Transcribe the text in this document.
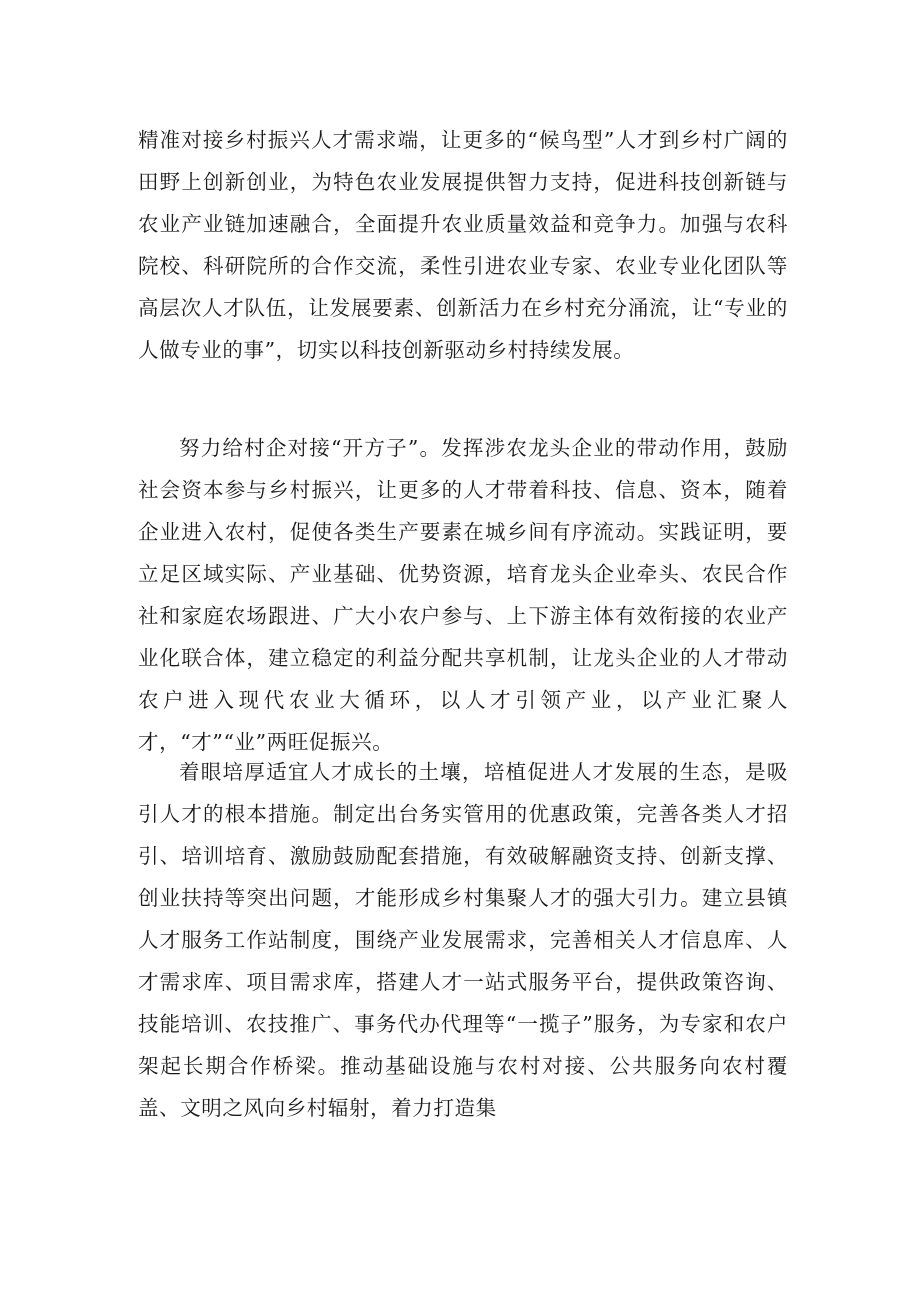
精准对接乡村振兴人才需求端，让更多的“候鸟型”人才到乡村广阔的田野上创新创业，为特色农业发展提供智力支持，促进科技创新链与农业产业链加速融合，全面提升农业质量效益和竞争力。加强与农科院校、科研院所的合作交流，柔性引进农业专家、农业专业化团队等高层次人才队伍，让发展要素、创新活力在乡村充分涌流，让“专业的人做专业的事”，切实以科技创新驱动乡村持续发展。

努力给村企对接“开方子”。发挥涉农龙头企业的带动作用，鼓励社会资本参与乡村振兴，让更多的人才带着科技、信息、资本，随着企业进入农村，促使各类生产要素在城乡间有序流动。实践证明，要立足区域实际、产业基础、优势资源，培育龙头企业牵头、农民合作社和家庭农场跟进、广大小农户参与、上下游主体有效衔接的农业产业化联合体，建立稳定的利益分配共享机制，让龙头企业的人才带动农户进入现代农业大循环，以人才引领产业，以产业汇聚人才，“才”“业”两旺促振兴。

着眼培厚适宜人才成长的土壤，培植促进人才发展的生态，是吸引人才的根本措施。制定出台务实管用的优惠政策，完善各类人才招引、培训培育、激励鼓励配套措施，有效破解融资支持、创新支撑、创业扶持等突出问题，才能形成乡村集聚人才的强大引力。建立县镇人才服务工作站制度，围绕产业发展需求，完善相关人才信息库、人才需求库、项目需求库，搭建人才一站式服务平台，提供政策咨询、技能培训、农技推广、事务代办代理等“一揽子”服务，为专家和农户架起长期合作桥梁。推动基础设施与农村对接、公共服务向农村覆盖、文明之风向乡村辐射，着力打造集
